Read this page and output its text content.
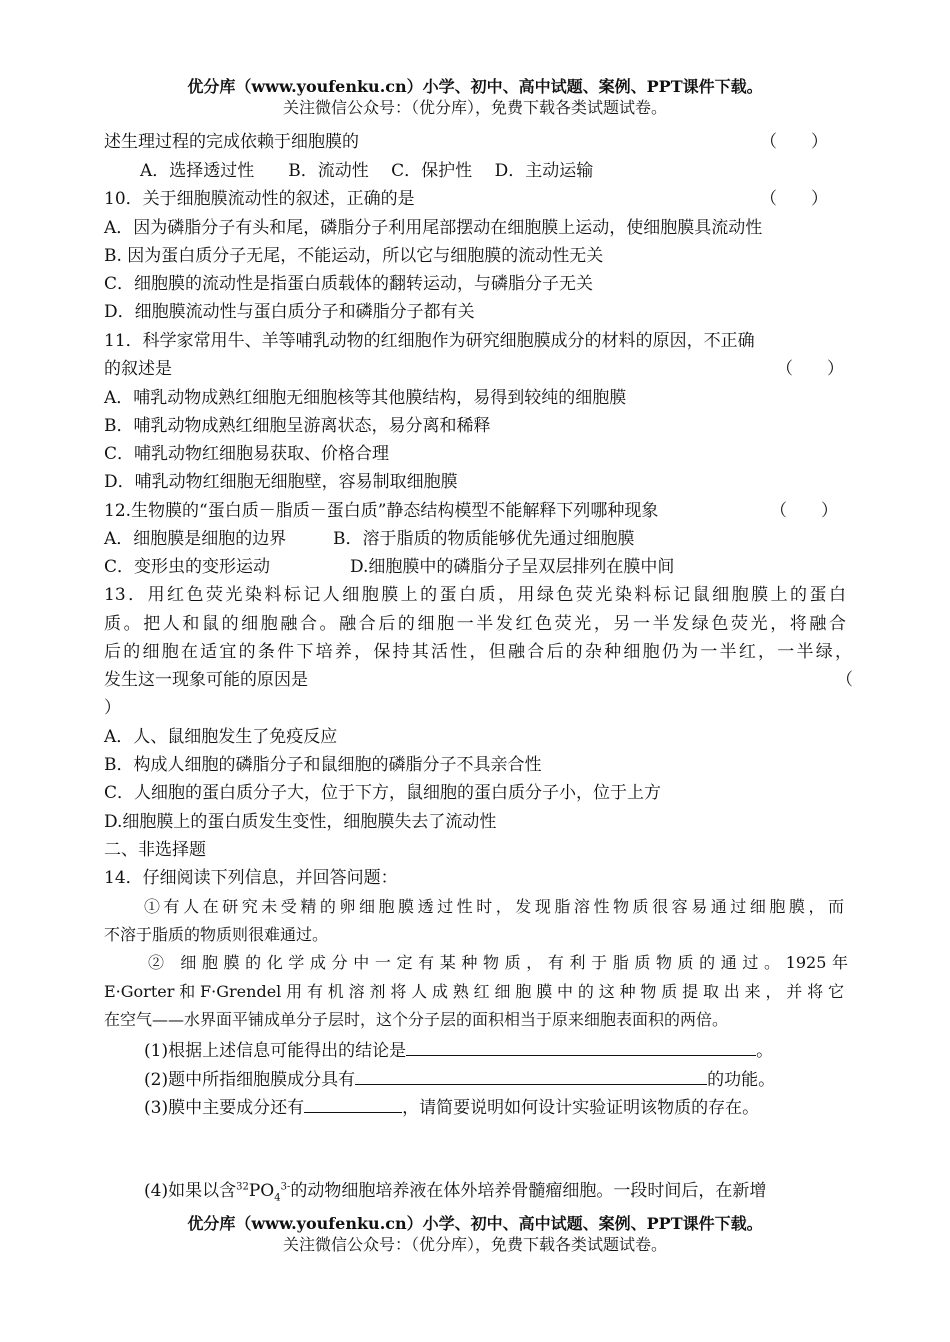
优分库（www.youfenku.cn）小学、初中、高中试题、案例、PPT课件下载。
关注微信公众号：（优分库），免费下载各类试题试卷。
述生理过程的完成依赖于细胞膜的	（　　）
A．选择透过性　　B．流动性　 C．保护性　 D．主动运输
10．关于细胞膜流动性的叙述，正确的是	（　　）
A．因为磷脂分子有头和尾，磷脂分子利用尾部摆动在细胞膜上运动，使细胞膜具流动性
B. 因为蛋白质分子无尾，不能运动，所以它与细胞膜的流动性无关
C．细胞膜的流动性是指蛋白质载体的翻转运动，与磷脂分子无关
D．细胞膜流动性与蛋白质分子和磷脂分子都有关
11．科学家常用牛、羊等哺乳动物的红细胞作为研究细胞膜成分的材料的原因，不正确
的叙述是	（　　）
A．哺乳动物成熟红细胞无细胞核等其他膜结构，易得到较纯的细胞膜
B．哺乳动物成熟红细胞呈游离状态，易分离和稀释
C．哺乳动物红细胞易获取、价格合理
D．哺乳动物红细胞无细胞壁，容易制取细胞膜
12.生物膜的“蛋白质－脂质－蛋白质”静态结构模型不能解释下列哪种现象	（　　）
A．细胞膜是细胞的边界	B．溶于脂质的物质能够优先通过细胞膜
C．变形虫的变形运动	D.细胞膜中的磷脂分子呈双层排列在膜中间
13．用红色荧光染料标记人细胞膜上的蛋白质，用绿色荧光染料标记鼠细胞膜上的蛋白
质。把人和鼠的细胞融合。融合后的细胞一半发红色荧光，另一半发绿色荧光，将融合
后的细胞在适宜的条件下培养，保持其活性，但融合后的杂种细胞仍为一半红，一半绿，
发生这一现象可能的原因是	（
）
A．人、鼠细胞发生了免疫反应
B．构成人细胞的磷脂分子和鼠细胞的磷脂分子不具亲合性
C．人细胞的蛋白质分子大，位于下方，鼠细胞的蛋白质分子小，位于上方
D.细胞膜上的蛋白质发生变性，细胞膜失去了流动性
二、非选择题
14．仔细阅读下列信息，并回答问题：
①有人在研究未受精的卵细胞膜透过性时，发现脂溶性物质很容易通过细胞膜，而
不溶于脂质的物质则很难通过。
② 细胞膜的化学成分中一定有某种物质，有利于脂质物质的通过。1925年
E·Gorter和F·Grendel用有机溶剂将人成熟红细胞膜中的这种物质提取出来，并将它
在空气——水界面平铺成单分子层时，这个分子层的面积相当于原来细胞表面积的两倍。
(1)根据上述信息可能得出的结论是	。
(2)题中所指细胞膜成分具有	的功能。
(3)膜中主要成分还有	，请简要说明如何设计实验证明该物质的存在。
(4)如果以含$^{32}PO_4^{3-}$的动物细胞培养液在体外培养骨髓瘤细胞。一段时间后，在新增
优分库（www.youfenku.cn）小学、初中、高中试题、案例、PPT课件下载。
关注微信公众号：（优分库），免费下载各类试题试卷。
